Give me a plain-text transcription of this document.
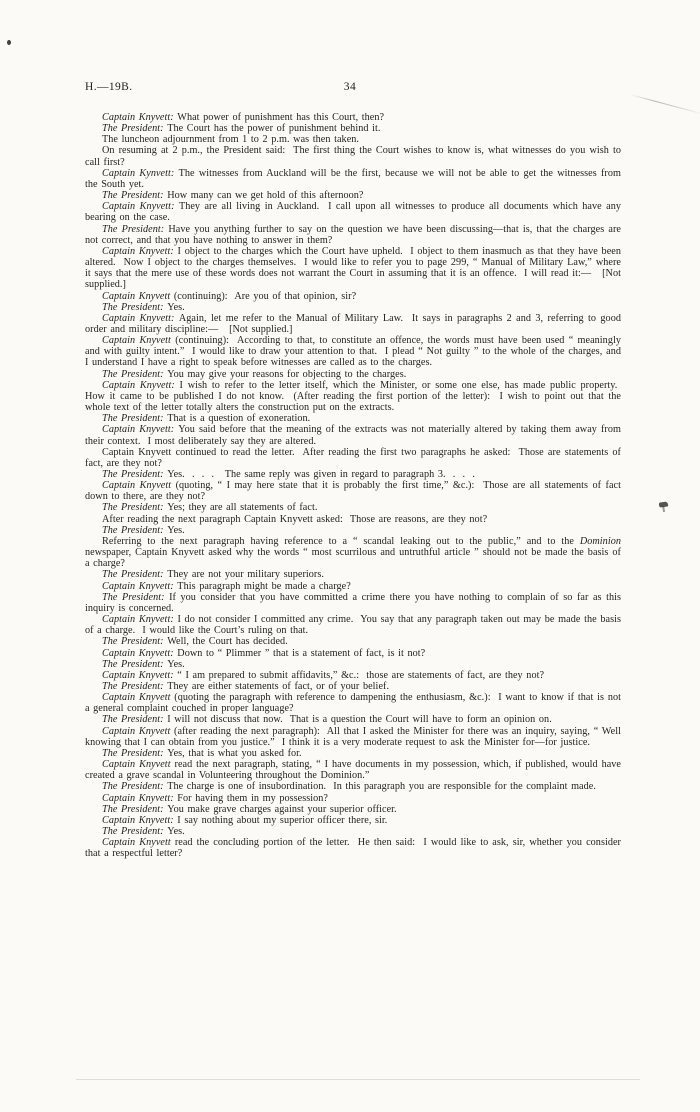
H.—19B.	34

Captain Knyvett: What power of punishment has this Court, then?

The President: The Court has the power of punishment behind it.

The luncheon adjournment from 1 to 2 p.m. was then taken.

On resuming at 2 p.m., the President said:  The first thing the Court wishes to know is, what witnesses do you wish to call first?

Captain Kynvett: The witnesses from Auckland will be the first, because we will not be able to get the witnesses from the South yet.

The President: How many can we get hold of this afternoon?

Captain Knyvett: They are all living in Auckland.  I call upon all witnesses to produce all documents which have any bearing on the case.

The President: Have you anything further to say on the question we have been discussing—that is, that the charges are not correct, and that you have nothing to answer in them?

Captain Knyvett: I object to the charges which the Court have upheld.  I object to them inasmuch as that they have been altered.  Now I object to the charges themselves.  I would like to refer you to page 299, “ Manual of Military Law,” where it says that the mere use of these words does not warrant the Court in assuming that it is an offence.  I will read it:—   [Not supplied.]

Captain Knyvett (continuing):  Are you of that opinion, sir?

The President: Yes.

Captain Knyvett: Again, let me refer to the Manual of Military Law.  It says in paragraphs 2 and 3, referring to good order and military discipline:—   [Not supplied.]

Captain Knyvett (continuing):  According to that, to constitute an offence, the words must have been used “ meaningly and with guilty intent.”  I would like to draw your attention to that.  I plead “ Not guilty ” to the whole of the charges, and I understand I have a right to speak before witnesses are called as to the charges.

The President: You may give your reasons for objecting to the charges.

Captain Knyvett: I wish to refer to the letter itself, which the Minister, or some one else, has made public property.  How it came to be published I do not know.  (After reading the first portion of the letter):  I wish to point out that the whole text of the letter totally alters the construction put on the extracts.

The President: That is a question of exoneration.

Captain Knyvett: You said before that the meaning of the extracts was not materially altered by taking them away from their context.  I most deliberately say they are altered.

Captain Knyvett continued to read the letter.  After reading the first two paragraphs he asked:  Those are statements of fact, are they not?

The President: Yes.  .  .  .   The same reply was given in regard to paragraph 3.  .  .  .

Captain Knyvett (quoting, “ I may here state that it is probably the first time,” &c.):  Those are all statements of fact down to there, are they not?

The President: Yes; they are all statements of fact.

After reading the next paragraph Captain Knyvett asked:  Those are reasons, are they not?

The President: Yes.

Referring to the next paragraph having reference to a “ scandal leaking out to the public,” and to the Dominion newspaper, Captain Knyvett asked why the words “ most scurrilous and untruthful article ” should not be made the basis of a charge?

The President: They are not your military superiors.

Captain Knyvett: This paragraph might be made a charge?

The President: If you consider that you have committed a crime there you have nothing to complain of so far as this inquiry is concerned.

Captain Knyvett: I do not consider I committed any crime.  You say that any paragraph taken out may be made the basis of a charge.  I would like the Court’s ruling on that.

The President: Well, the Court has decided.

Captain Knyvett: Down to “ Plimmer ” that is a statement of fact, is it not?

The President: Yes.

Captain Knyvett: “ I am prepared to submit affidavits,” &c.:  those are statements of fact, are they not?

The President: They are either statements of fact, or of your belief.

Captain Knyvett (quoting the paragraph with reference to dampening the enthusiasm, &c.):  I want to know if that is not a general complaint couched in proper language?

The President: I will not discuss that now.  That is a question the Court will have to form an opinion on.

Captain Knyvett (after reading the next paragraph):  All that I asked the Minister for there was an inquiry, saying, “ Well knowing that I can obtain from you justice.”  I think it is a very moderate request to ask the Minister for—for justice.

The President: Yes, that is what you asked for.

Captain Knyvett read the next paragraph, stating, “ I have documents in my possession, which, if published, would have created a grave scandal in Volunteering throughout the Dominion.”

The President: The charge is one of insubordination.  In this paragraph you are responsible for the complaint made.

Captain Knyvett: For having them in my possession?

The President: You make grave charges against your superior officer.

Captain Knyvett: I say nothing about my superior officer there, sir.

The President: Yes.

Captain Knyvett read the concluding portion of the letter.  He then said:  I would like to ask, sir, whether you consider that a respectful letter?
